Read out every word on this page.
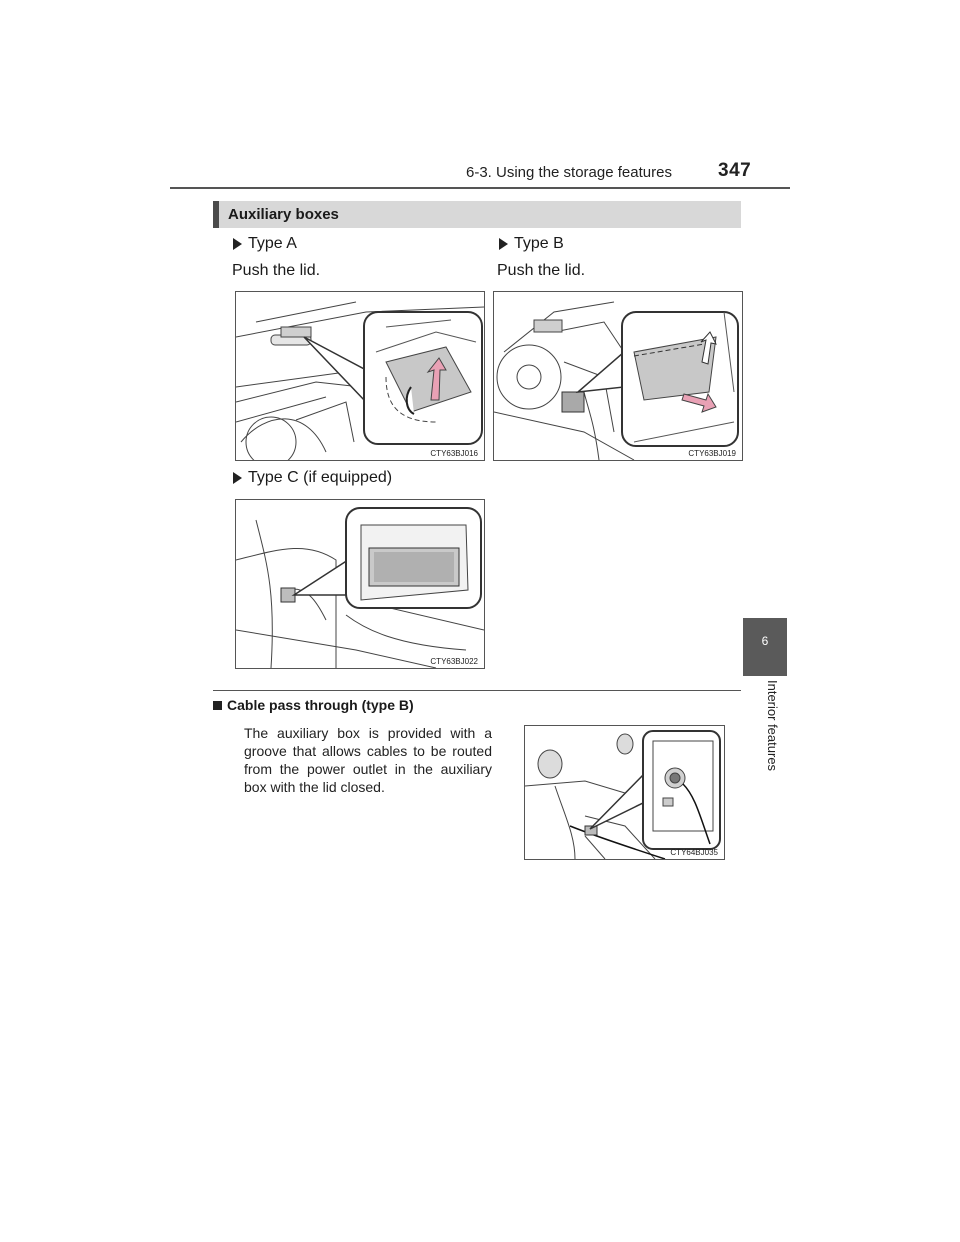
6-3. Using the storage features 347
Auxiliary boxes
Type A
Push the lid.
Type B
Push the lid.
CTY63BJ016	CTY63BJ019
Type C (if equipped)
CTY63BJ022
Cable pass through (type B)
The auxiliary box is provided with a groove that allows cables to be routed from the power outlet in the auxiliary box with the lid closed.
CTY64BJ035
6
Interior features
